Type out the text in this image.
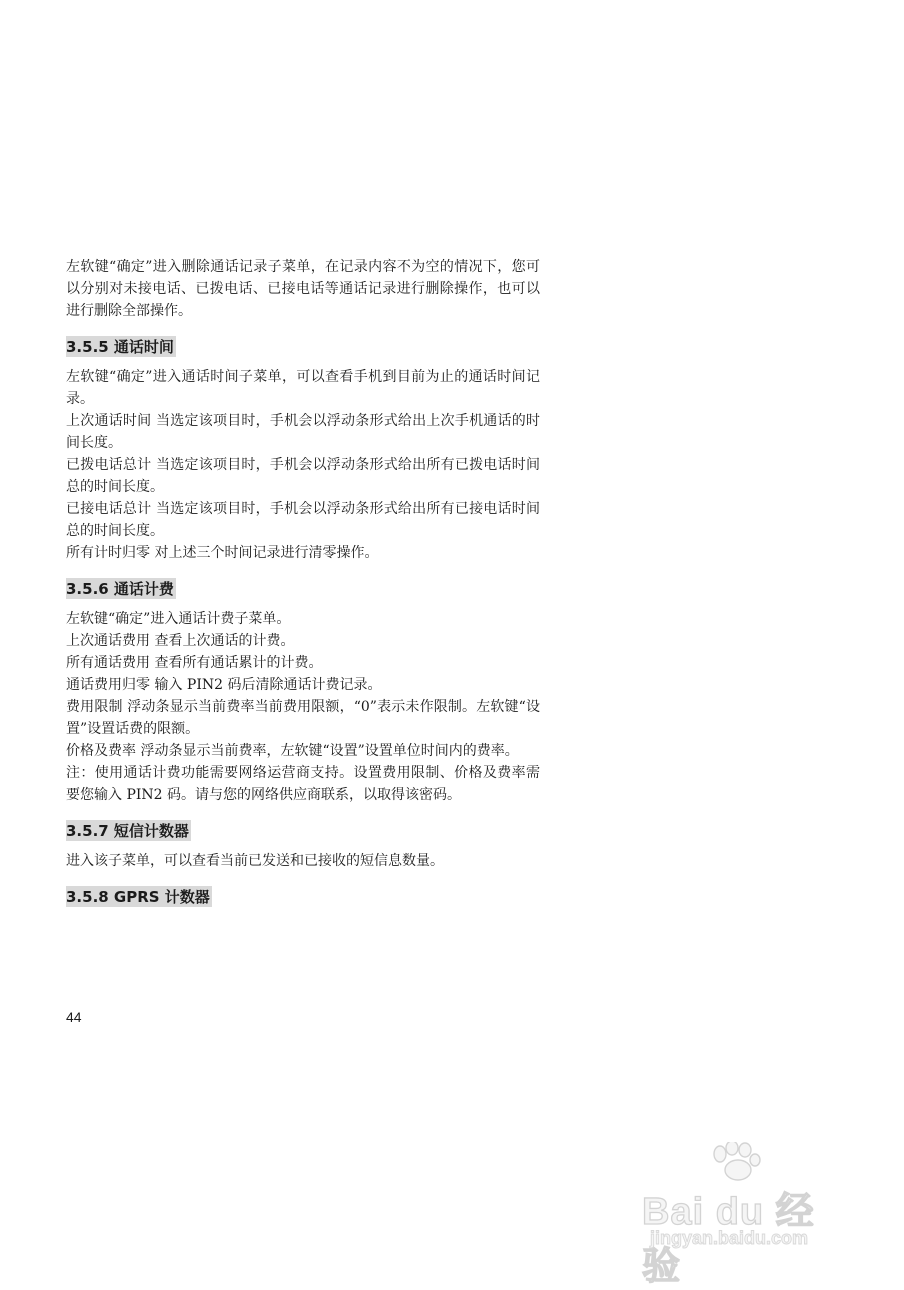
左软键“确定”进入删除通话记录子菜单，在记录内容不为空的情况下，您可以分别对未接电话、已拨电话、已接电话等通话记录进行删除操作，也可以进行删除全部操作。

3.5.5 通话时间

左软键“确定”进入通话时间子菜单，可以查看手机到目前为止的通话时间记录。

上次通话时间 当选定该项目时，手机会以浮动条形式给出上次手机通话的时间长度。

已拨电话总计 当选定该项目时，手机会以浮动条形式给出所有已拨电话时间总的时间长度。

已接电话总计 当选定该项目时，手机会以浮动条形式给出所有已接电话时间总的时间长度。

所有计时归零 对上述三个时间记录进行清零操作。

3.5.6 通话计费

左软键“确定”进入通话计费子菜单。

上次通话费用 查看上次通话的计费。

所有通话费用 查看所有通话累计的计费。

通话费用归零 输入 PIN2 码后清除通话计费记录。

费用限制 浮动条显示当前费率当前费用限额，“0”表示未作限制。左软键“设置”设置话费的限额。

价格及费率 浮动条显示当前费率，左软键“设置”设置单位时间内的费率。

注：使用通话计费功能需要网络运营商支持。设置费用限制、价格及费率需要您输入 PIN2 码。请与您的网络供应商联系，以取得该密码。

3.5.7 短信计数器

进入该子菜单，可以查看当前已发送和已接收的短信息数量。

3.5.8 GPRS 计数器
44
Bai du 经验
jingyan.baidu.com
